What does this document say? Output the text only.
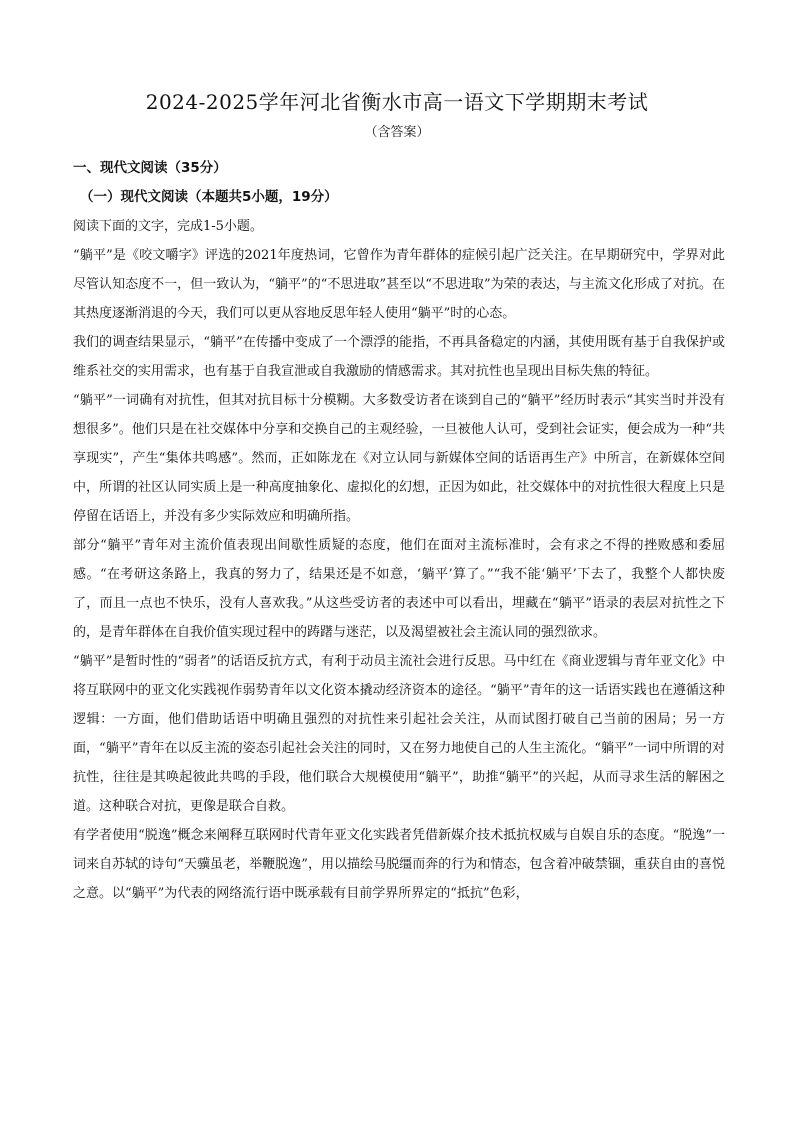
2024-2025学年河北省衡水市高一语文下学期期末考试
（含答案）
一、现代文阅读（35分）
（一）现代文阅读（本题共5小题，19分）

阅读下面的文字，完成1-5小题。

“躺平”是《咬文嚼字》评选的2021年度热词，它曾作为青年群体的症候引起广泛关注。在早期研究中，学界对此尽管认知态度不一，但一致认为，“躺平”的“不思进取”甚至以“不思进取”为荣的表达，与主流文化形成了对抗。在其热度逐渐消退的今天，我们可以更从容地反思年轻人使用“躺平”时的心态。

我们的调查结果显示，“躺平”在传播中变成了一个漂浮的能指，不再具备稳定的内涵，其使用既有基于自我保护或维系社交的实用需求，也有基于自我宣泄或自我激励的情感需求。其对抗性也呈现出目标失焦的特征。

“躺平”一词确有对抗性，但其对抗目标十分模糊。大多数受访者在谈到自己的“躺平”经历时表示“其实当时并没有想很多”。他们只是在社交媒体中分享和交换自己的主观经验，一旦被他人认可，受到社会证实，便会成为一种“共享现实”，产生“集体共鸣感”。然而，正如陈龙在《对立认同与新媒体空间的话语再生产》中所言，在新媒体空间中，所谓的社区认同实质上是一种高度抽象化、虚拟化的幻想，正因为如此，社交媒体中的对抗性很大程度上只是停留在话语上，并没有多少实际效应和明确所指。

部分“躺平”青年对主流价值表现出间歇性质疑的态度，他们在面对主流标准时，会有求之不得的挫败感和委屈感。“在考研这条路上，我真的努力了，结果还是不如意，‘躺平’算了。”“我不能‘躺平’下去了，我整个人都快废了，而且一点也不快乐，没有人喜欢我。”从这些受访者的表述中可以看出，埋藏在“躺平”语录的表层对抗性之下的，是青年群体在自我价值实现过程中的踌躇与迷茫，以及渴望被社会主流认同的强烈欲求。

“躺平”是暂时性的“弱者”的话语反抗方式，有利于动员主流社会进行反思。马中红在《商业逻辑与青年亚文化》中将互联网中的亚文化实践视作弱势青年以文化资本撬动经济资本的途径。“躺平”青年的这一话语实践也在遵循这种逻辑：一方面，他们借助话语中明确且强烈的对抗性来引起社会关注，从而试图打破自己当前的困局；另一方面，“躺平”青年在以反主流的姿态引起社会关注的同时，又在努力地使自己的人生主流化。“躺平”一词中所谓的对抗性，往往是其唤起彼此共鸣的手段，他们联合大规模使用“躺平”，助推“躺平”的兴起，从而寻求生活的解困之道。这种联合对抗，更像是联合自救。

有学者使用“脱逸”概念来阐释互联网时代青年亚文化实践者凭借新媒介技术抵抗权威与自娱自乐的态度。“脱逸”一词来自苏轼的诗句“天骥虽老，举鞭脱逸”，用以描绘马脱缰而奔的行为和情态，包含着冲破禁锢，重获自由的喜悦之意。以“躺平”为代表的网络流行语中既承载有目前学界所界定的“抵抗”色彩，
